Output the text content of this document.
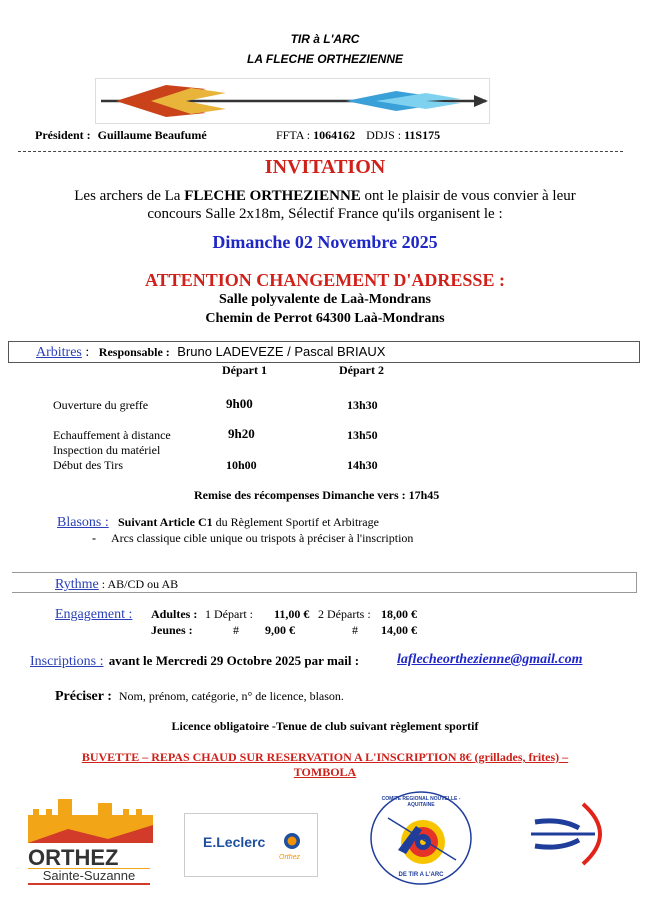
TIR à L'ARC
LA FLECHE ORTHEZIENNE
Président : Guillaume Beaufumé	FFTA : 1064162 DDJS : 11S175
INVITATION
Les archers de La FLECHE ORTHEZIENNE ont le plaisir de vous convier à leur
concours Salle 2x18m, Sélectif France qu'ils organisent le :
Dimanche 02 Novembre 2025
ATTENTION CHANGEMENT D'ADRESSE :
Salle polyvalente de Laà-Mondrans
Chemin de Perrot 64300 Laà-Mondrans
Arbitres : Responsable : Bruno LADEVEZE / Pascal BRIAUX
Départ 1	Départ 2
Ouverture du greffe	9h00	13h30
Echauffement à distance	9h20	13h50
Inspection du matériel
Début des Tirs	10h00	14h30
Remise des récompenses Dimanche vers : 17h45
Blasons : Suivant Article C1 du Règlement Sportif et Arbitrage
- Arcs classique cible unique ou trispots à préciser à l'inscription
Rythme : AB/CD ou AB
Engagement : Adultes : 1 Départ : 11,00 € 2 Départs : 18,00 €
Jeunes :	# 9,00 €	# 14,00 €
Inscriptions : avant le Mercredi 29 Octobre 2025 par mail :	laflecheorthezienne@gmail.com
Préciser : Nom, prénom, catégorie, n° de licence, blason.
Licence obligatoire -Tenue de club suivant règlement sportif
BUVETTE – REPAS CHAUD SUR RESERVATION A L'INSCRIPTION 8€ (grillades, frites) –
TOMBOLA
ORTHEZ
Sainte-Suzanne
E.Leclerc
Orthez
COMITE REGIONAL NOUVELLE - AQUITAINE
DE TIR A L'ARC
